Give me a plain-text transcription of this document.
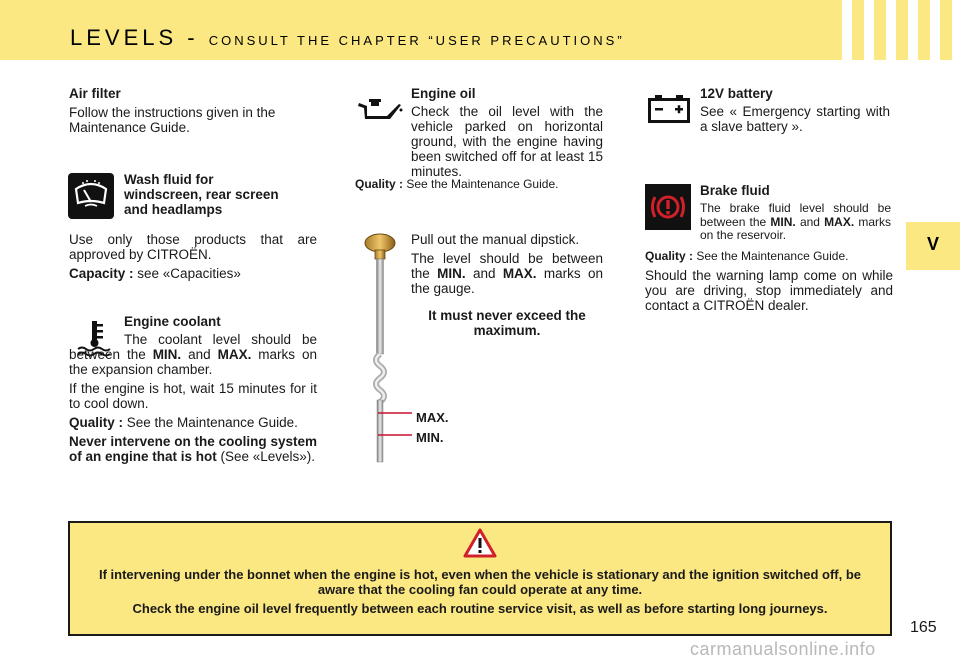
LEVELS - CONSULT THE CHAPTER “USER PRECAUTIONS”
V
Air filter
Follow the instructions given in the Maintenance Guide.
Wash fluid for
windscreen, rear screen
and headlamps
Use only those products that are approved by CITROËN.
Capacity : see «Capacities»
Engine coolant
The coolant level should be between the MIN. and MAX. marks on the expansion chamber.
If the engine is hot, wait 15 minutes for it to cool down.
Quality : See the Maintenance Guide.
Never intervene on the cooling system of an engine that is hot (See «Levels»).
Engine oil
Check the oil level with the vehicle parked on horizontal ground, with the engine having been switched off for at least 15 minutes.
Quality : See the Maintenance Guide.
Pull out the manual dipstick.
The level should be between the MIN. and MAX. marks on the gauge.
It must never exceed the maximum.
MAX.
MIN.
12V battery
See « Emergency starting with a slave battery ».
Brake fluid
The brake fluid level should be between the MIN. and MAX. marks on the reservoir.
Quality : See the Maintenance Guide.
Should the warning lamp come on while you are driving, stop immediately and contact a CITROËN dealer.
If intervening under the bonnet when the engine is hot, even when the vehicle is stationary and the ignition switched off, be aware that the cooling fan could operate at any time.
Check the engine oil level frequently between each routine service visit, as well as before starting long journeys.
165
carmanualsonline.info
